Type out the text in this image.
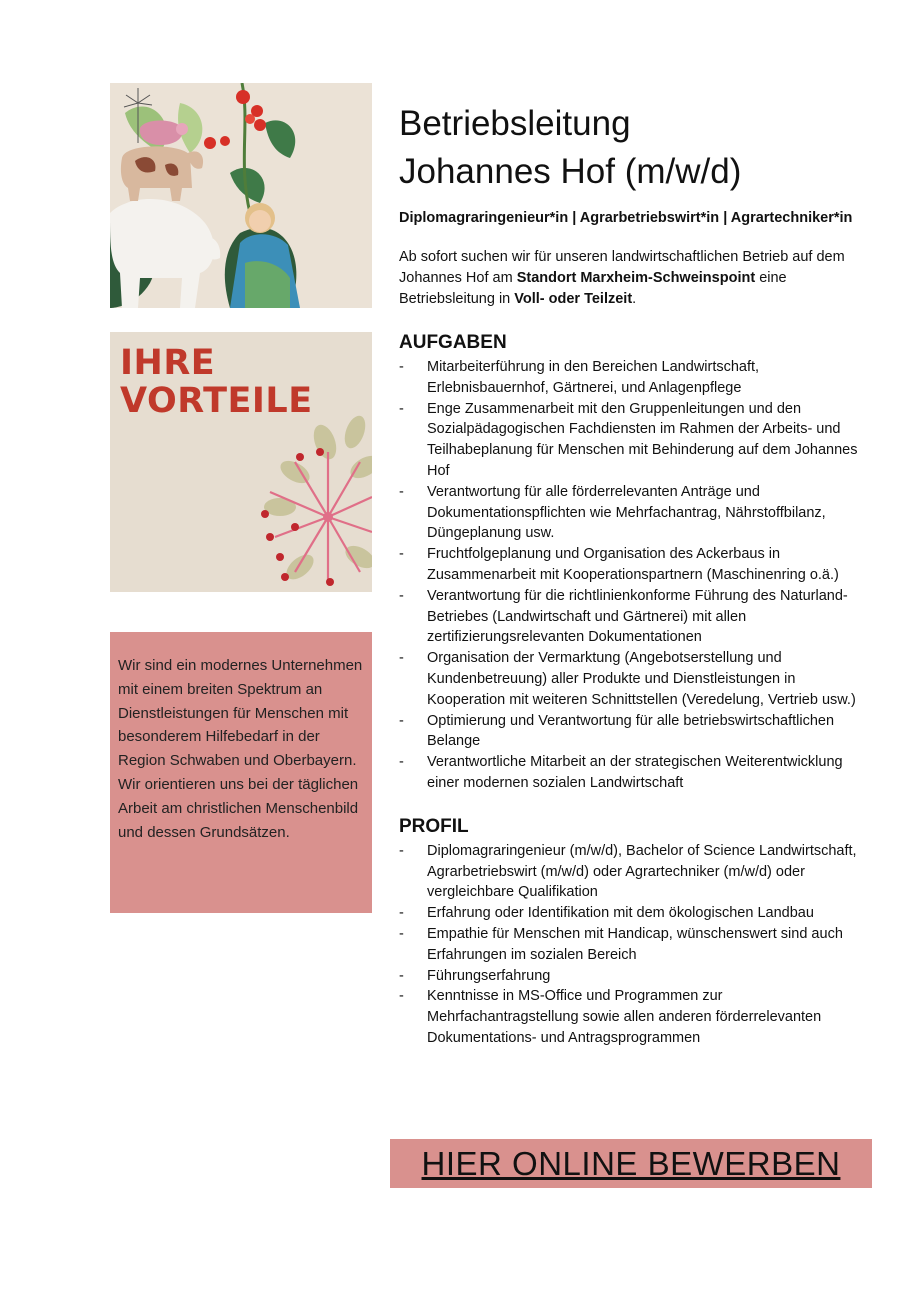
IHRE
VORTEILE
Wir sind ein modernes Unternehmen mit einem breiten Spektrum an Dienstleistungen für Menschen mit besonderem Hilfebedarf in der Region Schwaben und Oberbayern. Wir orientieren uns bei der täglichen Arbeit am christlichen Menschenbild und dessen Grundsätzen.
Betriebsleitung
Johannes Hof (m/w/d)
Diplomagraringenieur*in | Agrarbetriebswirt*in | Agrartechniker*in
Ab sofort suchen wir für unseren landwirtschaftlichen Betrieb auf dem Johannes Hof am Standort Marxheim-Schweinspoint eine Betriebsleitung in Voll- oder Teilzeit.
AUFGABEN
- Mitarbeiterführung in den Bereichen Landwirtschaft, Erlebnisbauernhof, Gärtnerei, und Anlagenpflege
- Enge Zusammenarbeit mit den Gruppenleitungen und den Sozialpädagogischen Fachdiensten im Rahmen der Arbeits- und Teilhabeplanung für Menschen mit Behinderung auf dem Johannes Hof
- Verantwortung für alle förderrelevanten Anträge und Dokumentationspflichten wie Mehrfachantrag, Nährstoffbilanz, Düngeplanung usw.
- Fruchtfolgeplanung und Organisation des Ackerbaus in Zusammenarbeit mit Kooperationspartnern (Maschinenring o.ä.)
- Verantwortung für die richtlinienkonforme Führung des Naturland-Betriebes (Landwirtschaft und Gärtnerei) mit allen zertifizierungsrelevanten Dokumentationen
- Organisation der Vermarktung (Angebotserstellung und Kundenbetreuung) aller Produkte und Dienstleistungen in Kooperation mit weiteren Schnittstellen (Veredelung, Vertrieb usw.)
- Optimierung und Verantwortung für alle betriebswirtschaftlichen Belange
- Verantwortliche Mitarbeit an der strategischen Weiterentwicklung einer modernen sozialen Landwirtschaft
PROFIL
- Diplomagraringenieur (m/w/d), Bachelor of Science Landwirtschaft, Agrarbetriebswirt (m/w/d) oder Agrartechniker (m/w/d) oder vergleichbare Qualifikation
- Erfahrung oder Identifikation mit dem ökologischen Landbau
- Empathie für Menschen mit Handicap, wünschenswert sind auch Erfahrungen im sozialen Bereich
- Führungserfahrung
- Kenntnisse in MS-Office und Programmen zur Mehrfachantragstellung sowie allen anderen förderrelevanten Dokumentations- und Antragsprogrammen
HIER ONLINE BEWERBEN
